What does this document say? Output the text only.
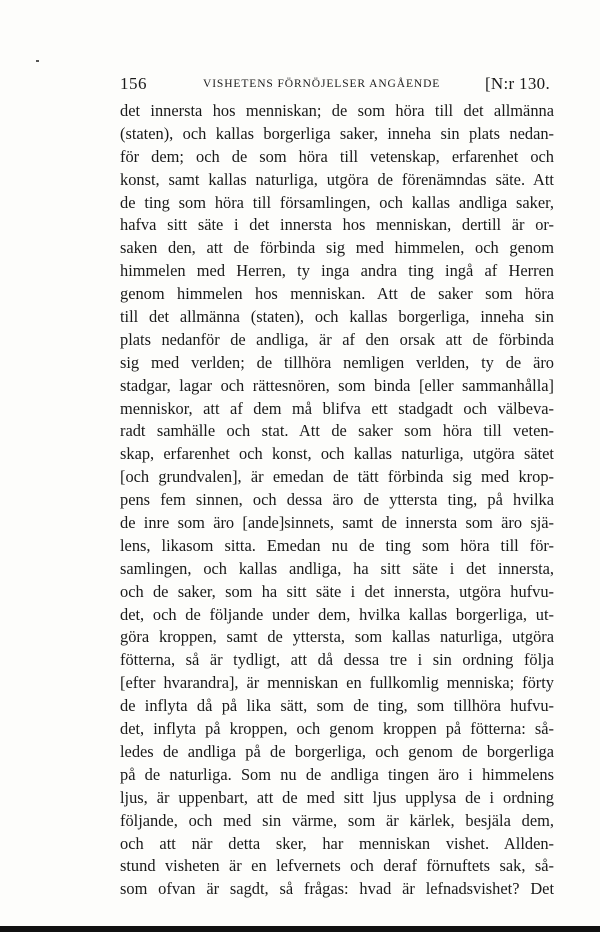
156	VISHETENS FÖRNÖJELSER ANGÅENDE	[N:r 130.
det innersta hos menniskan; de som höra till det allmänna
(staten), och kallas borgerliga saker, inneha sin plats nedan-
för dem; och de som höra till vetenskap, erfarenhet och
konst, samt kallas naturliga, utgöra de förenämndas säte. Att
de ting som höra till församlingen, och kallas andliga saker,
hafva sitt säte i det innersta hos menniskan, dertill är or-
saken den, att de förbinda sig med himmelen, och genom
himmelen med Herren, ty inga andra ting ingå af Herren
genom himmelen hos menniskan. Att de saker som höra
till det allmänna (staten), och kallas borgerliga, inneha sin
plats nedanför de andliga, är af den orsak att de förbinda
sig med verlden; de tillhöra nemligen verlden, ty de äro
stadgar, lagar och rättesnören, som binda [eller sammanhålla]
menniskor, att af dem må blifva ett stadgadt och välbeva-
radt samhälle och stat. Att de saker som höra till veten-
skap, erfarenhet och konst, och kallas naturliga, utgöra sätet
[och grundvalen], är emedan de tätt förbinda sig med krop-
pens fem sinnen, och dessa äro de yttersta ting, på hvilka
de inre som äro [ande]sinnets, samt de innersta som äro sjä-
lens, likasom sitta. Emedan nu de ting som höra till för-
samlingen, och kallas andliga, ha sitt säte i det innersta,
och de saker, som ha sitt säte i det innersta, utgöra hufvu-
det, och de följande under dem, hvilka kallas borgerliga, ut-
göra kroppen, samt de yttersta, som kallas naturliga, utgöra
fötterna, så är tydligt, att då dessa tre i sin ordning följa
[efter hvarandra], är menniskan en fullkomlig menniska; förty
de inflyta då på lika sätt, som de ting, som tillhöra hufvu-
det, inflyta på kroppen, och genom kroppen på fötterna: så-
ledes de andliga på de borgerliga, och genom de borgerliga
på de naturliga. Som nu de andliga tingen äro i himmelens
ljus, är uppenbart, att de med sitt ljus upplysa de i ordning
följande, och med sin värme, som är kärlek, besjäla dem,
och att när detta sker, har menniskan vishet. Allden-
stund visheten är en lefvernets och deraf förnuftets sak, så-
som ofvan är sagdt, så frågas: hvad är lefnadsvishet? Det
